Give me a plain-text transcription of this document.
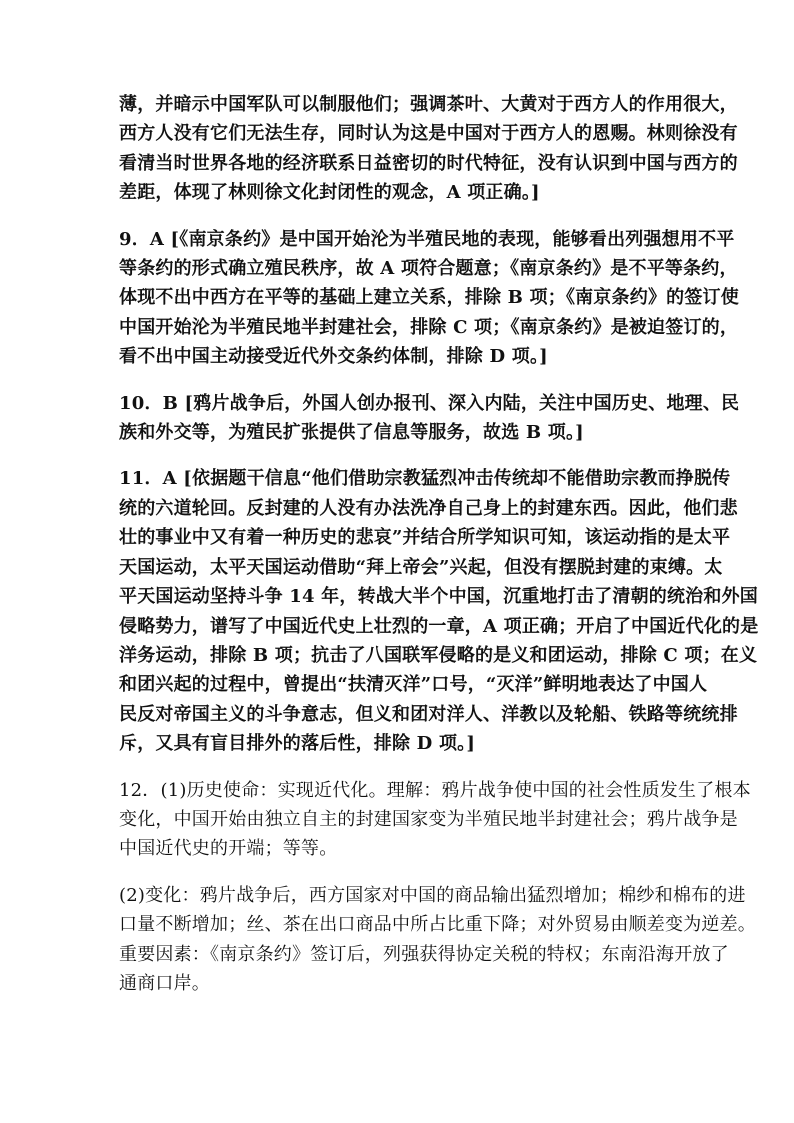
薄，并暗示中国军队可以制服他们；强调茶叶、大黄对于西方人的作用很大，
西方人没有它们无法生存，同时认为这是中国对于西方人的恩赐。林则徐没有
看清当时世界各地的经济联系日益密切的时代特征，没有认识到中国与西方的
差距，体现了林则徐文化封闭性的观念，A 项正确。]

9．A [《南京条约》是中国开始沦为半殖民地的表现，能够看出列强想用不平
等条约的形式确立殖民秩序，故 A 项符合题意；《南京条约》是不平等条约，
体现不出中西方在平等的基础上建立关系，排除 B 项；《南京条约》的签订使
中国开始沦为半殖民地半封建社会，排除 C 项；《南京条约》是被迫签订的，
看不出中国主动接受近代外交条约体制，排除 D 项。]

10．B [鸦片战争后，外国人创办报刊、深入内陆，关注中国历史、地理、民
族和外交等，为殖民扩张提供了信息等服务，故选 B 项。]

11．A [依据题干信息“他们借助宗教猛烈冲击传统却不能借助宗教而挣脱传
统的六道轮回。反封建的人没有办法洗净自己身上的封建东西。因此，他们悲
壮的事业中又有着一种历史的悲哀”并结合所学知识可知，该运动指的是太平
天国运动，太平天国运动借助“拜上帝会”兴起，但没有摆脱封建的束缚。太
平天国运动坚持斗争 14 年，转战大半个中国，沉重地打击了清朝的统治和外国
侵略势力，谱写了中国近代史上壮烈的一章，A 项正确；开启了中国近代化的是
洋务运动，排除 B 项；抗击了八国联军侵略的是义和团运动，排除 C 项；在义
和团兴起的过程中，曾提出“扶清灭洋”口号，“灭洋”鲜明地表达了中国人
民反对帝国主义的斗争意志，但义和团对洋人、洋教以及轮船、铁路等统统排
斥，又具有盲目排外的落后性，排除 D 项。]

12．(1)历史使命：实现近代化。理解：鸦片战争使中国的社会性质发生了根本
变化，中国开始由独立自主的封建国家变为半殖民地半封建社会；鸦片战争是
中国近代史的开端；等等。

(2)变化：鸦片战争后，西方国家对中国的商品输出猛烈增加；棉纱和棉布的进
口量不断增加；丝、茶在出口商品中所占比重下降；对外贸易由顺差变为逆差。
重要因素：《南京条约》签订后，列强获得协定关税的特权；东南沿海开放了
通商口岸。
